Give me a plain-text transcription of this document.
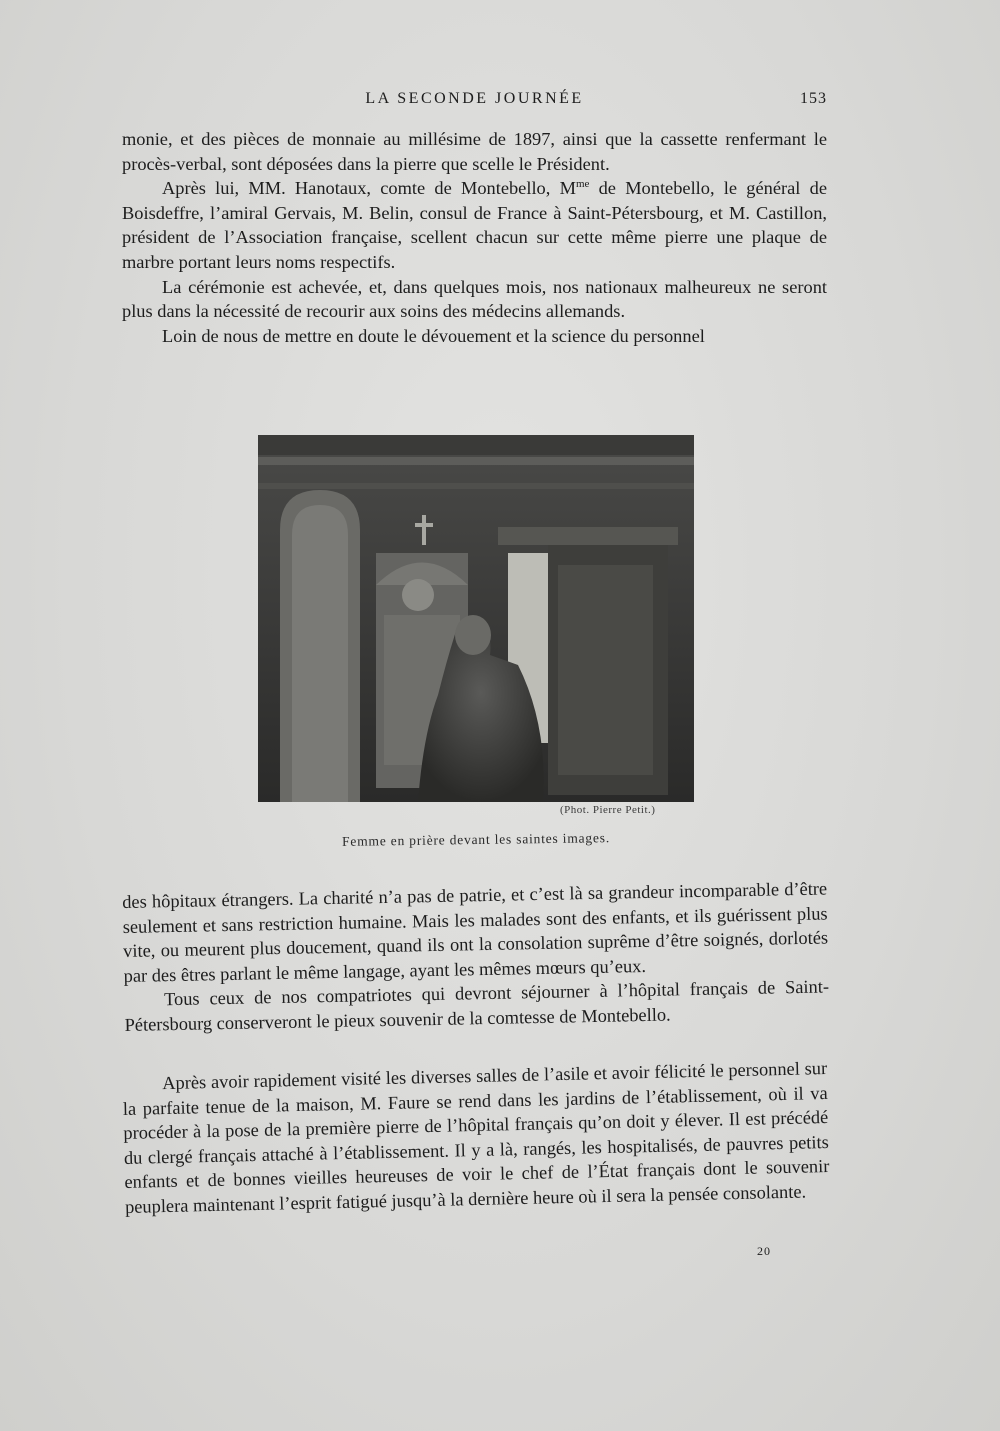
LA SECONDE JOURNÉE	153

monie, et des pièces de monnaie au millésime de 1897, ainsi que la cassette renfermant le procès-verbal, sont déposées dans la pierre que scelle le Président.

Après lui, MM. Hanotaux, comte de Montebello, $M^{me}$ de Montebello, le général de Boisdeffre, l’amiral Gervais, M. Belin, consul de France à Saint-Pétersbourg, et M. Castillon, président de l’Association française, scellent chacun sur cette même pierre une plaque de marbre portant leurs noms respectifs.

La cérémonie est achevée, et, dans quelques mois, nos nationaux malheureux ne seront plus dans la nécessité de recourir aux soins des médecins allemands.

Loin de nous de mettre en doute le dévouement et la science du personnel

(Phot. Pierre Petit.)
Femme en prière devant les saintes images.

des hôpitaux étrangers. La charité n’a pas de patrie, et c’est là sa grandeur incomparable d’être seulement et sans restriction humaine. Mais les malades sont des enfants, et ils guérissent plus vite, ou meurent plus doucement, quand ils ont la consolation suprême d’être soignés, dorlotés par des êtres parlant le même langage, ayant les mêmes mœurs qu’eux.

Tous ceux de nos compatriotes qui devront séjourner à l’hôpital français de Saint-Pétersbourg conserveront le pieux souvenir de la comtesse de Montebello.

Après avoir rapidement visité les diverses salles de l’asile et avoir félicité le personnel sur la parfaite tenue de la maison, M. Faure se rend dans les jardins de l’établissement, où il va procéder à la pose de la première pierre de l’hôpital français qu’on doit y élever. Il est précédé du clergé français attaché à l’établissement. Il y a là, rangés, les hospitalisés, de pauvres petits enfants et de bonnes vieilles heureuses de voir le chef de l’État français dont le souvenir peuplera maintenant l’esprit fatigué jusqu’à la dernière heure où il sera la pensée consolante.

20
